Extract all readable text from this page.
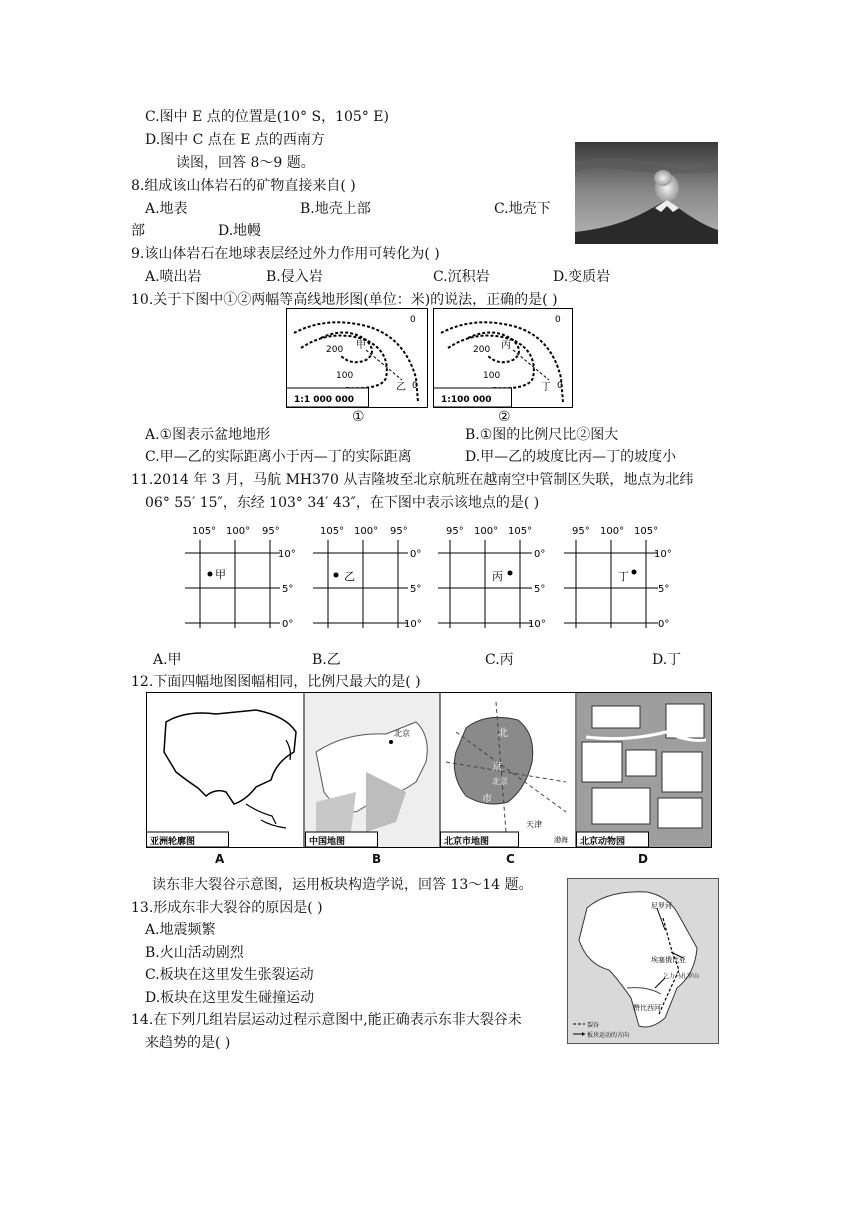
C.图中 E 点的位置是(10° S，105° E)
D.图中 C 点在 E 点的西南方
读图，回答 8～9 题。
8.组成该山体岩石的矿物直接来自( )
A.地表	B.地壳上部	C.地壳下
部	D.地幔
9.该山体岩石在地球表层经过外力作用可转化为( )
A.喷出岩	B.侵入岩	C.沉积岩	D.变质岩
10.关于下图中①②两幅等高线地形图(单位：米)的说法，正确的是( )
200
100
0
0
甲
乙
1:1 000 000
①
200
100
0
0
丙
丁
1:100 000
②
A.①图表示盆地地形	B.①图的比例尺比②图大
C.甲—乙的实际距离小于丙—丁的实际距离	D.甲—乙的坡度比丙—丁的坡度小
11.2014 年 3 月，马航 MH370 从吉隆坡至北京航班在越南空中管制区失联，地点为北纬
06° 55′ 15″，东经 103° 34′ 43″，在下图中表示该地点的是( )
105° 100° 95°
10°
5°
0°
甲
105° 100° 95°
0°
5°
10°
乙
95° 100° 105°
0°
5°
10°
丙
95° 100° 105°
10°
5°
0°
丁
A.甲	B.乙	C.丙	D.丁
12.下面四幅地图图幅相同，比例尺最大的是( )
亚洲轮廓图
北京
中国地图
北
京
北京
市
天津
渤海
北京市地图	北京动物园
A	B	C	D
读东非大裂谷示意图，运用板块构造学说，回答 13～14 题。
尼罗河
埃塞俄比亚
乞力马扎罗山
赞比西河
裂谷
板块运动的方向
13.形成东非大裂谷的原因是( )
A.地震频繁
B.火山活动剧烈
C.板块在这里发生张裂运动
D.板块在这里发生碰撞运动
14.在下列几组岩层运动过程示意图中,能正确表示东非大裂谷未
来趋势的是( )
